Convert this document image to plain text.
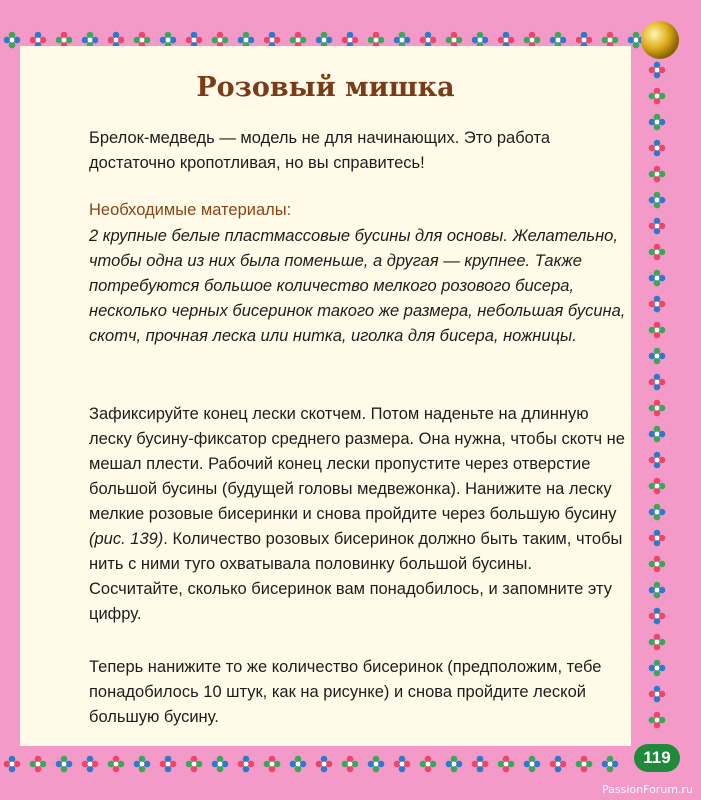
Розовый мишка

Брелок-медведь — модель не для начинающих. Это работа достаточно кропотливая, но вы справитесь!

Необходимые материалы:

2 крупные белые пластмассовые бусины для основы. Желательно, чтобы одна из них была поменьше, а другая — крупнее. Также потребуются большое количество мелкого розового бисера, несколько черных бисеринок такого же размера, небольшая бусина, скотч, прочная леска или нитка, иголка для бисера, ножницы.

Зафиксируйте конец лески скотчем. Потом наденьте на длинную леску бусину-фиксатор среднего размера. Она нужна, чтобы скотч не мешал плести. Рабочий конец лески пропустите через отверстие большой бусины (будущей головы медвежонка). Нанижите на леску мелкие розовые бисеринки и снова пройдите через большую бусину (рис. 139). Количество розовых бисеринок должно быть таким, чтобы нить с ними туго охватывала половинку большой бусины. Сосчитайте, сколько бисеринок вам понадобилось, и запомните эту цифру.

Теперь нанижите то же количество бисеринок (предположим, тебе понадобилось 10 штук, как на рисунке) и снова пройдите леской большую бусину.

119
PassionForum.ru
